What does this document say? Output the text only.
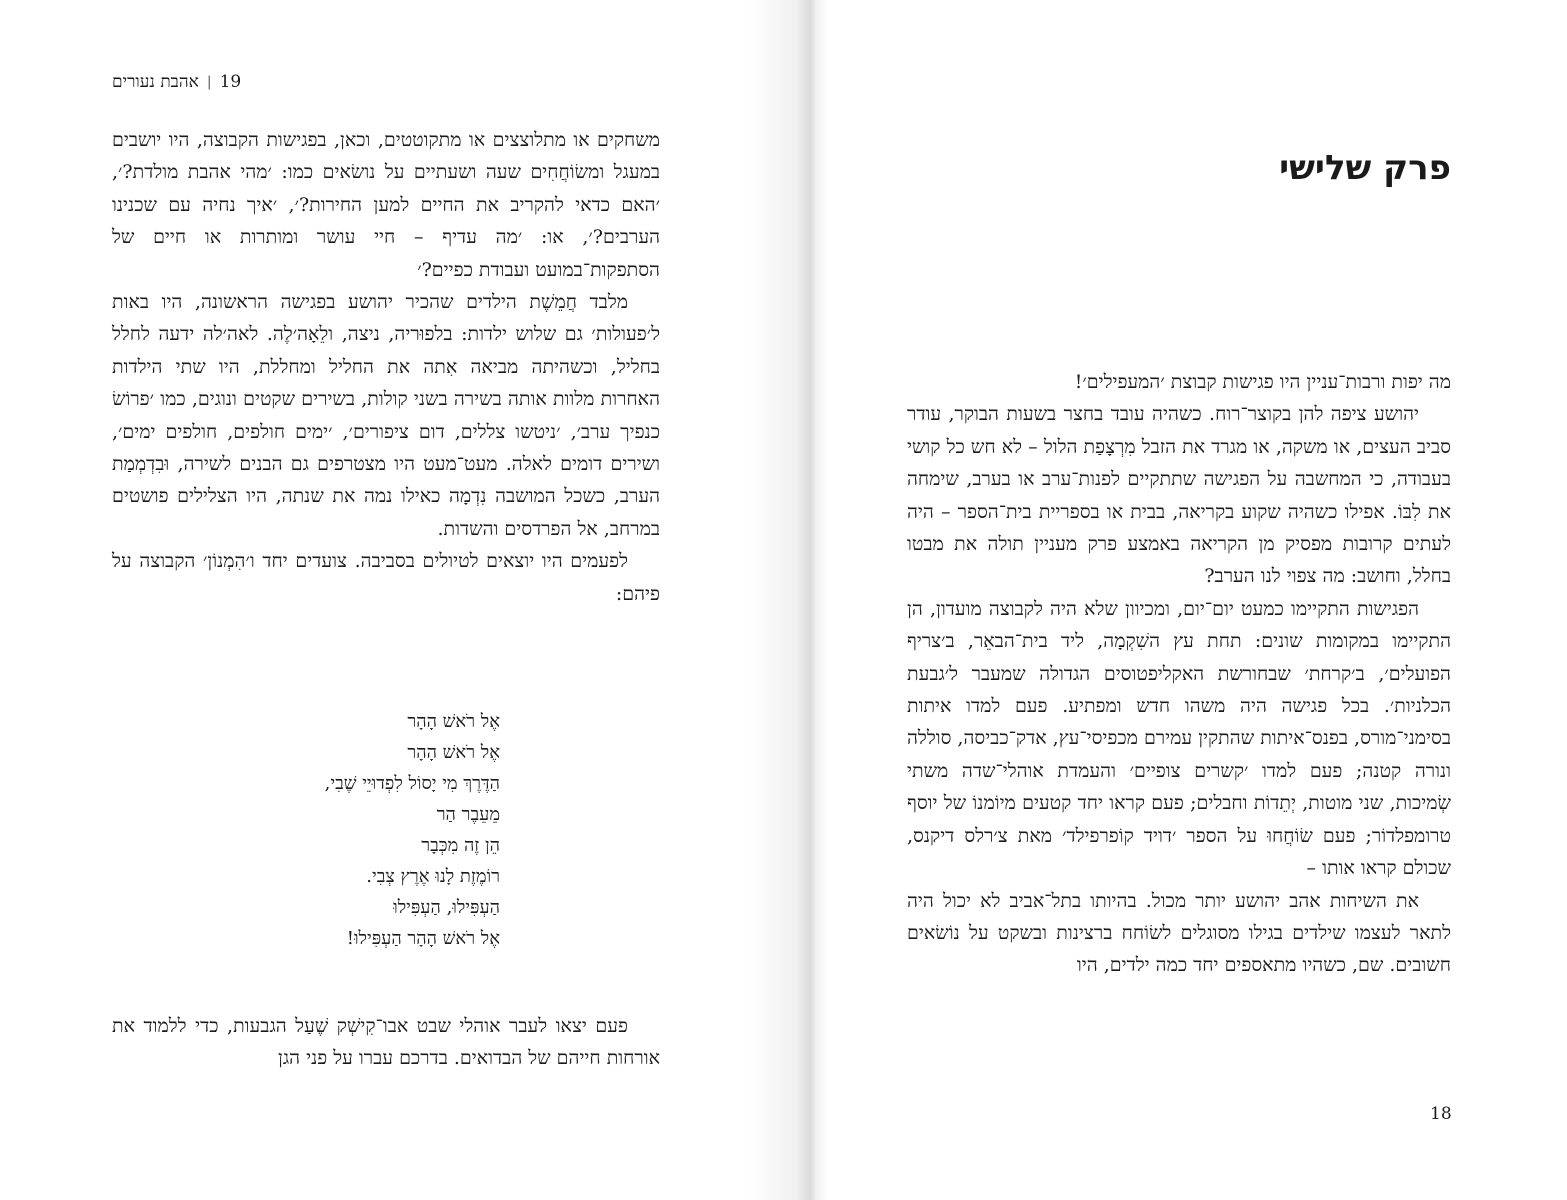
19
|
אהבת נעורים

משחקים או מתלוצצים או מתקוטטים, וכאן, בפגישות הקבוצה, היו יושבים במעגל ומשׂוֹחֲחִים שעה ושעתיים על נושׂאים כמו: ׳מהי אהבת מולדת?׳, ׳האם כדאי להקריב את החיים למען החירות?׳, ׳איך נחיה עם שכנינו הערבים?׳, או: ׳מה עדיף – חיי עושר ומותרות או חיים של הסתפקות־במועט ועבודת כפיים?׳

מלבד חֲמֵשֶׁת הילדים שהכיר יהושע בפגישה הראשונה, היו באות ל׳פעולות׳ גם שלוש ילדות: בלפוּריה, ניצה, ולֵאָה׳לֶה. לאה׳לה ידעה לחלל בחליל, וכשהיתה מביאה אִתה את החליל ומחללת, היו שתי הילדות האחרות מלוות אותה בשירה בשני קולות, בשירים שקטים ונוגים, כמו ׳פרוֹשׂ כנפיך ערב׳, ׳ניטשו צללים, דום ציפורים׳, ׳ימים חולפים, חולפים ימים׳, ושירים דומים לאלה. מעט־מעט היו מצטרפים גם הבנים לשירה, וּבִדְמְמַת הערב, כשכל המושבה נִדְמָה כאילו נמה את שנתה, היו הצלילים פושטים במרחב, אל הפרדסים והשדות.

לפעמים היו יוצאים לטיולים בסביבה. צועדים יחד ו׳הִמְנוֹן׳ הקבוצה על פיהם:

אֶל רֹאשׁ הָהָר
אֶל רֹאשׁ הָהָר
הַדֶּרֶךְ מִי יָסוֹל לִפְדוּיֵי שֶׁבִי,
מֵעֵבֶר הַר
הֵן זֶה מִכְּבָר
רוֹמֶזֶת לָנוּ אֶרֶץ צְבִי.
הַעְפִּילוּ, הַעְפִּילוּ
אֶל רֹאשׁ הָהָר הַעְפִּילוּ!

פעם יצאו לעבר אוהלי שבט אבו־קִישְׁק שֶׁעַל הגבעות, כדי ללמוד את אורחות חייהם של הבדואים. בדרכם עברו על פני הגן

פרק שלישי

מה יפות ורבות־עניין היו פגישות קבוצת ׳המעפילים׳!

יהושע ציפה להן בקוצר־רוח. כשהיה עובד בחצר בשעות הבוקר, עודר סביב העצים, או משקה, או מגרד את הזבל מִרְצָפַת הלול – לא חש כל קושי בעבודה, כי המחשבה על הפגישה שתתקיים לפנות־ערב או בערב, שימחה את לִבּוֹ. אפילו כשהיה שקוע בקריאה, בבית או בספריית בית־הספר – היה לעתים קרובות מפסיק מן הקריאה באמצע פרק מעניין תולה את מבטו בחלל, וחושב: מה צפוי לנו הערב?

הפגישות התקיימו כמעט יום־יום, ומכיוון שלא היה לקבוצה מועדון, הן התקיימו במקומות שונים: תחת עץ השִׁקְמָה, ליד בית־הבאֵר, ב׳צריף הפועלים׳, ב׳קרחת׳ שבחורשת האקליפטוסים הגדולה שמעבר ל׳גבעת הכלניות׳. בכל פגישה היה משהו חדש ומפתיע. פעם למדו איתות בסימני־מורס, בפנס־איתות שהתקין עמירם מכפיסי־עץ, אדק־כביסה, סוללה ונורה קטנה; פעם למדו ׳קשרים צופיים׳ והעמדת אוהלי־שדה משתי שְׂמיכות, שני מוטות, יְתֵדוֹת וחבלים; פעם קראו יחד קטעים מיוֹמנוֹ של יוסף טרומפלדוֹר; פעם שׂוֹחֲחוּ על הספר ׳דויד קוֹפרפילד׳ מאת צ׳רלס דיקנס, שכולם קראו אותו –

את השיחות אהב יהושע יותר מכול. בהיותו בתל־אביב לא יכול היה לתאר לעצמו שילדים בגילו מסוגלים לשׂוֹחח ברצינות ובשקט על נוֹשׂאים חשובים. שם, כשהיו מתאספים יחד כמה ילדים, היו

18
